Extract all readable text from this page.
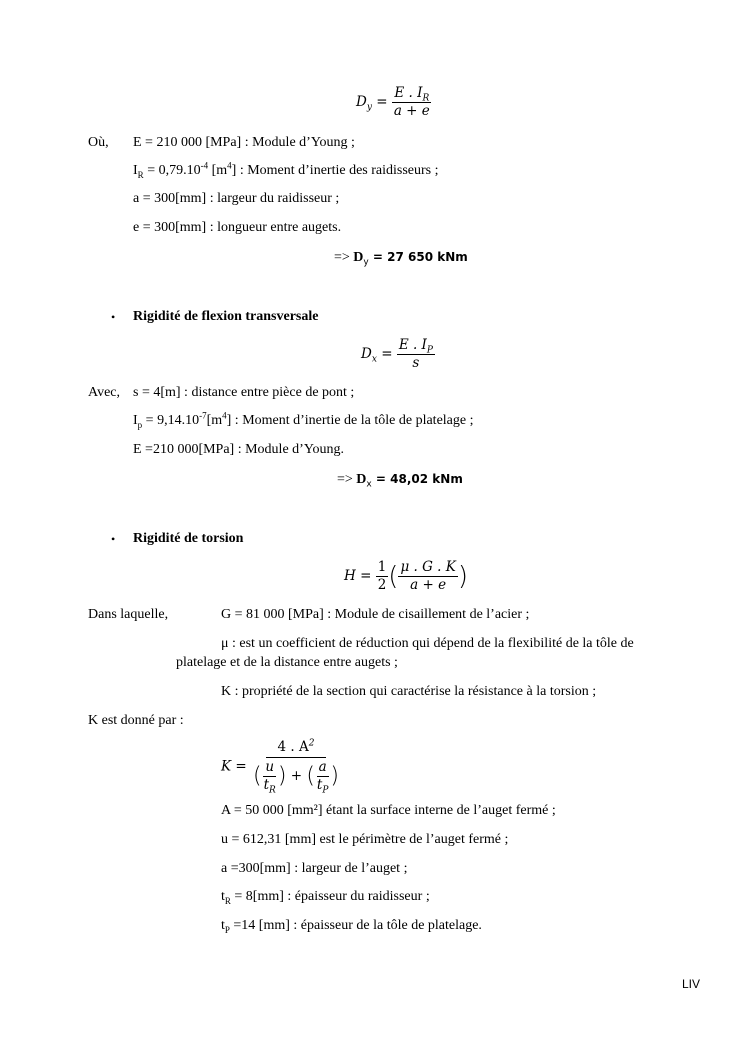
$D_y = \frac{E . I_R}{a + e}$
Où, E = 210 000 [MPa] : Module d’Young ;
$I_R = 0,79.10^{-4}$ $[m^4]$ : Moment d’inertie des raidisseurs ;
a = 300[mm] : largeur du raidisseur ;
e = 300[mm] : longueur entre augets.
=> $D_y = 27$ 650 kNm
• Rigidité de flexion transversale
$D_x = \frac{E . I_P}{s}$
Avec, s = 4[m] : distance entre pièce de pont ;
$I_p = 9,14.10^{-7}[m^4]$ : Moment d’inertie de la tôle de platelage ;
E =210 000[MPa] : Module d’Young.
=> $D_x = 48,02$ kNm
• Rigidité de torsion
$H = \frac{1}{2}$ ( $\frac{\mu . G . K}{a + e}$ )
Dans laquelle,	G = 81 000 [MPa] : Module de cisaillement de l’acier ;
μ : est un coefficient de réduction qui dépend de la flexibilité de la tôle de
platelage et de la distance entre augets ;
K : propriété de la section qui caractérise la résistance à la torsion ;
K est donné par :
$K = \frac{4 . A^2}{( \frac{u}{t_R} ) + ( \frac{a}{t_P} )}$
A = 50 000 [mm²] étant la surface interne de l’auget fermé ;
u = 612,31 [mm] est le périmètre de l’auget fermé ;
a =300[mm] : largeur de l’auget ;
$t_R = 8[mm]$ : épaisseur du raidisseur ;
$t_P =14$ [mm] : épaisseur de la tôle de platelage.
LIV
